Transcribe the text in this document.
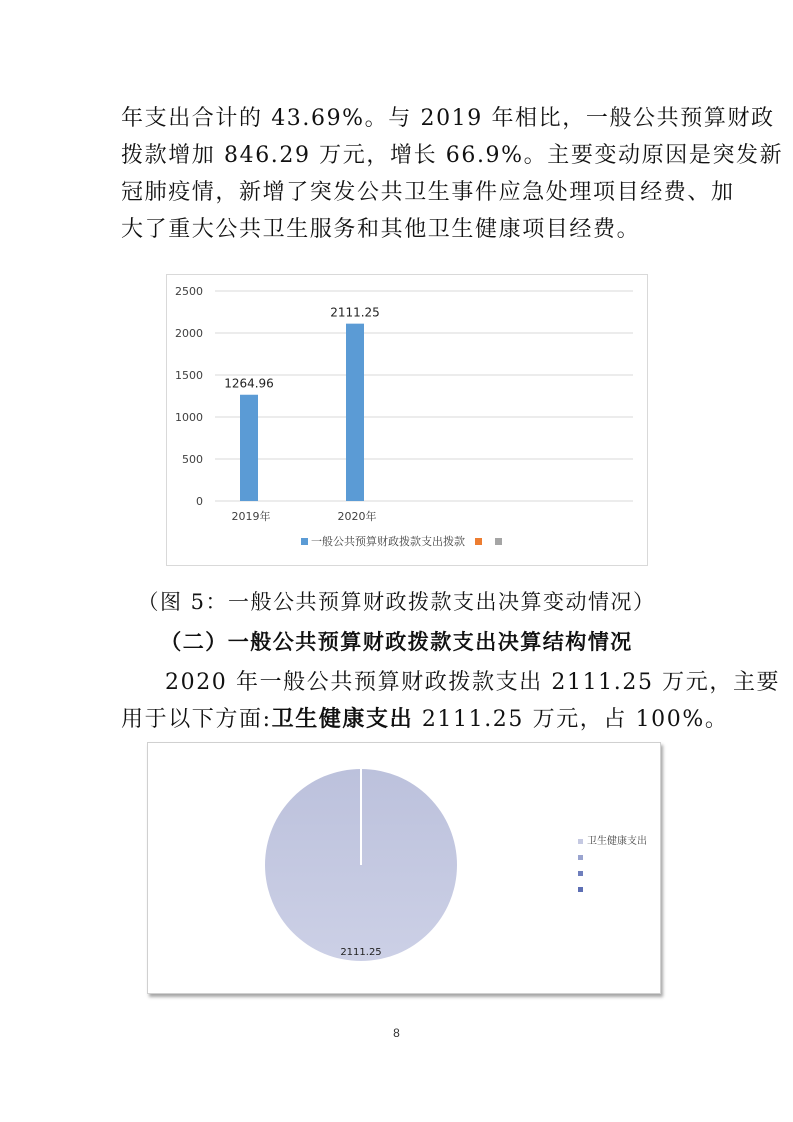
年支出合计的 43.69%。与 2019 年相比，一般公共预算财政
拨款增加 846.29 万元，增长 66.9%。主要变动原因是突发新
冠肺疫情，新增了突发公共卫生事件应急处理项目经费、加
大了重大公共卫生服务和其他卫生健康项目经费。
0
500
1000
1500
2000
2500
1264.96
2019年
2111.25
2020年
一般公共预算财政拨款支出拨款

（图 5：一般公共预算财政拨款支出决算变动情况）

（二）一般公共预算财政拨款支出决算结构情况

2020 年一般公共预算财政拨款支出 2111.25 万元，主要
用于以下方面:卫生健康支出 2111.25 万元，占 100%。
2111.25
卫生健康支出
8
